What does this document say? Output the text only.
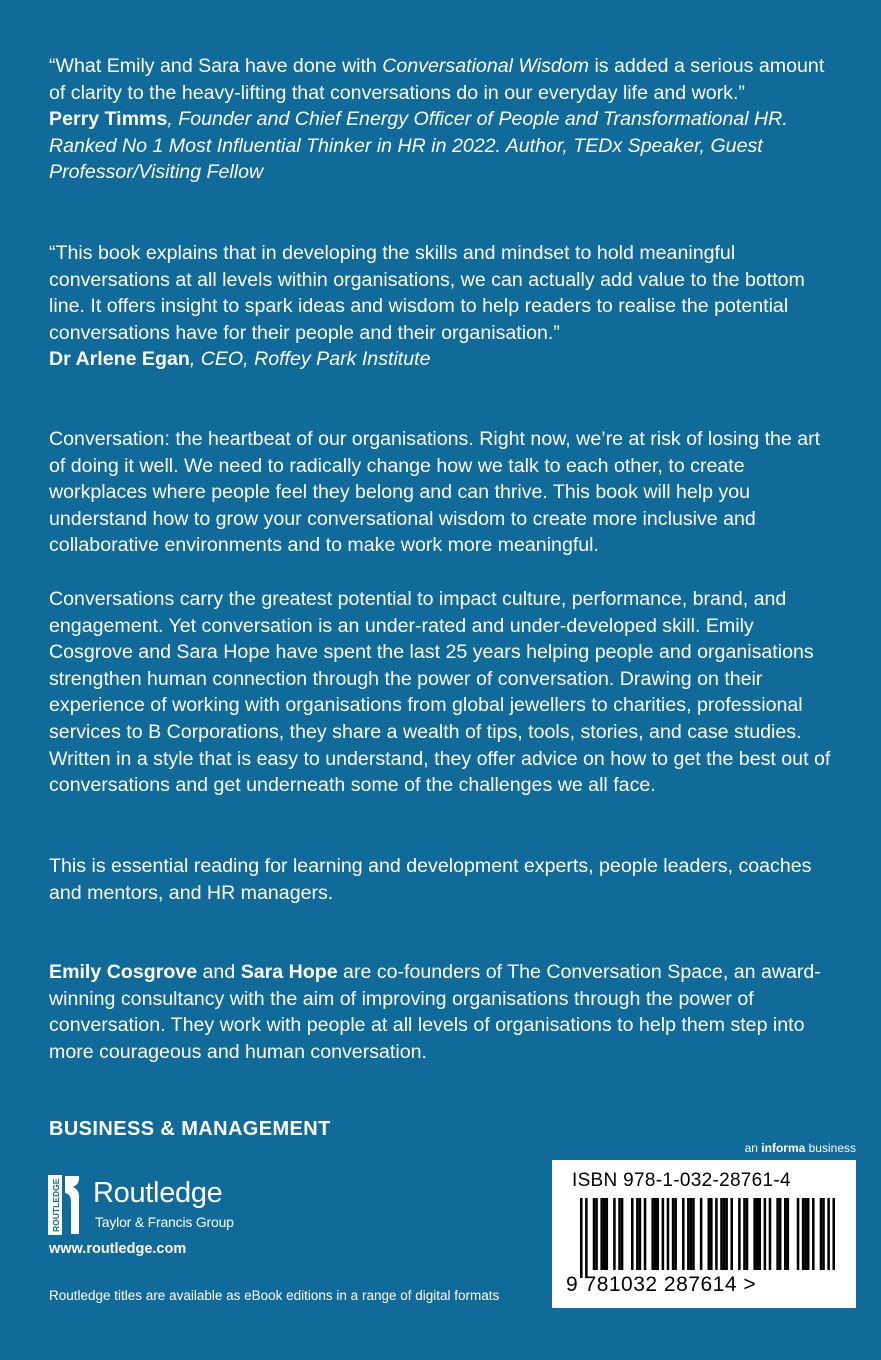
“What Emily and Sara have done with Conversational Wisdom is added a serious amount of clarity to the heavy-lifting that conversations do in our everyday life and work.”

Perry Timms, Founder and Chief Energy Officer of People and Transformational HR. Ranked No 1 Most Influential Thinker in HR in 2022. Author, TEDx Speaker, Guest Professor/Visiting Fellow

“This book explains that in developing the skills and mindset to hold meaningful conversations at all levels within organisations, we can actually add value to the bottom line. It offers insight to spark ideas and wisdom to help readers to realise the potential conversations have for their people and their organisation.”

Dr Arlene Egan, CEO, Roffey Park Institute

Conversation: the heartbeat of our organisations. Right now, we’re at risk of losing the art of doing it well. We need to radically change how we talk to each other, to create workplaces where people feel they belong and can thrive. This book will help you understand how to grow your conversational wisdom to create more inclusive and collaborative environments and to make work more meaningful.

Conversations carry the greatest potential to impact culture, performance, brand, and engagement. Yet conversation is an under-rated and under-developed skill. Emily Cosgrove and Sara Hope have spent the last 25 years helping people and organisations strengthen human connection through the power of conversation. Drawing on their experience of working with organisations from global jewellers to charities, professional services to B Corporations, they share a wealth of tips, tools, stories, and case studies. Written in a style that is easy to understand, they offer advice on how to get the best out of conversations and get underneath some of the challenges we all face.

This is essential reading for learning and development experts, people leaders, coaches and mentors, and HR managers.

Emily Cosgrove and Sara Hope are co-founders of The Conversation Space, an award-winning consultancy with the aim of improving organisations through the power of conversation. They work with people at all levels of organisations to help them step into more courageous and human conversation.

BUSINESS & MANAGEMENT

ROUTLEDGE Routledge
Taylor & Francis Group
www.routledge.com
Routledge titles are available as eBook editions in a range of digital formats
an informa business
ISBN 978-1-032-28761-4
9 781032 287614 >
